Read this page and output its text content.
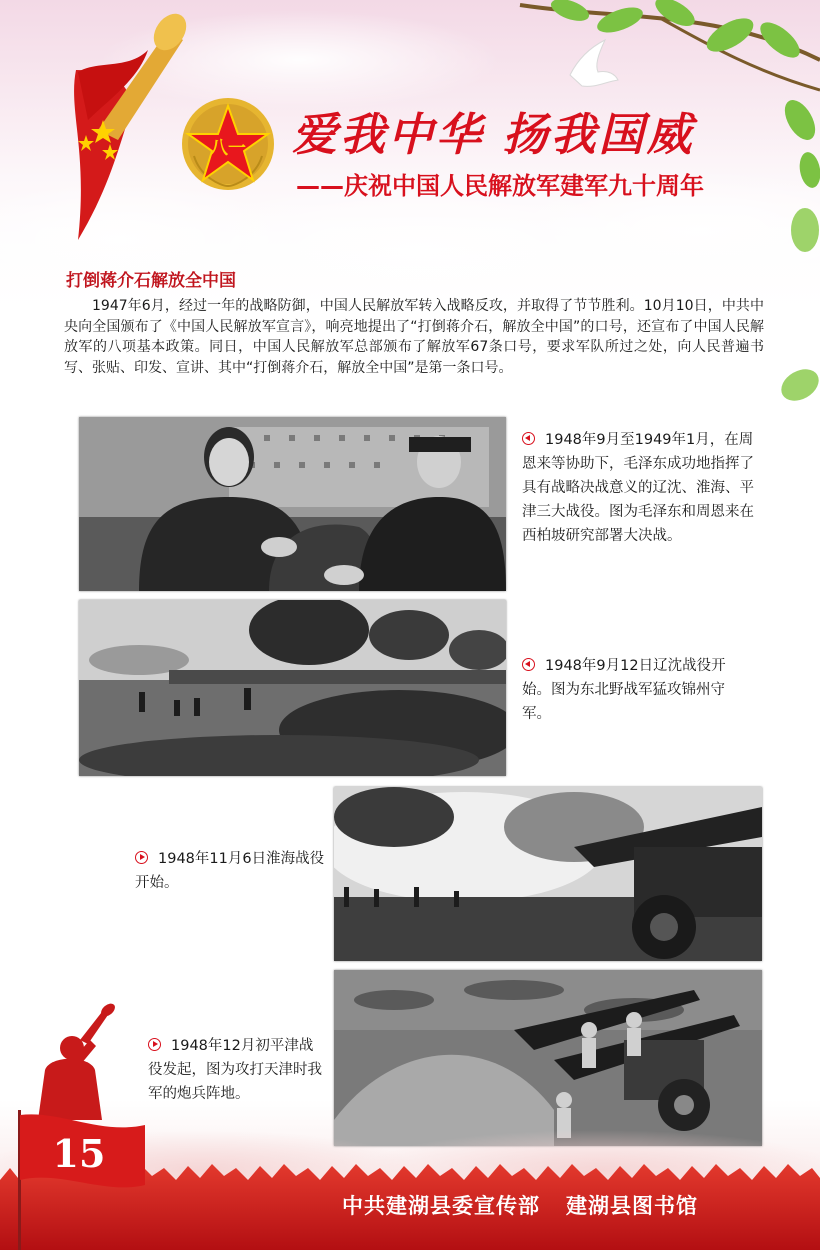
八一 爱我中华 扬我国威
——庆祝中国人民解放军建军九十周年
打倒蒋介石解放全中国

1947年6月，经过一年的战略防御，中国人民解放军转入战略反攻，并取得了节节胜利。10月10日，中共中央向全国颁布了《中国人民解放军宣言》，响亮地提出了“打倒蒋介石，解放全中国”的口号，还宣布了中国人民解放军的八项基本政策。同日，中国人民解放军总部颁布了解放军67条口号，要求军队所过之处，向人民普遍书写、张贴、印发、宣讲、其中“打倒蒋介石，解放全中国”是第一条口号。

1948年9月至1949年1月，在周恩来等协助下，毛泽东成功地指挥了具有战略决战意义的辽沈、淮海、平津三大战役。图为毛泽东和周恩来在西柏坡研究部署大决战。

1948年9月12日辽沈战役开始。图为东北野战军猛攻锦州守军。

1948年11月6日淮海战役开始。

1948年12月初平津战役发起，图为攻打天津时我军的炮兵阵地。

15

中共建湖县委宣传部 建湖县图书馆
